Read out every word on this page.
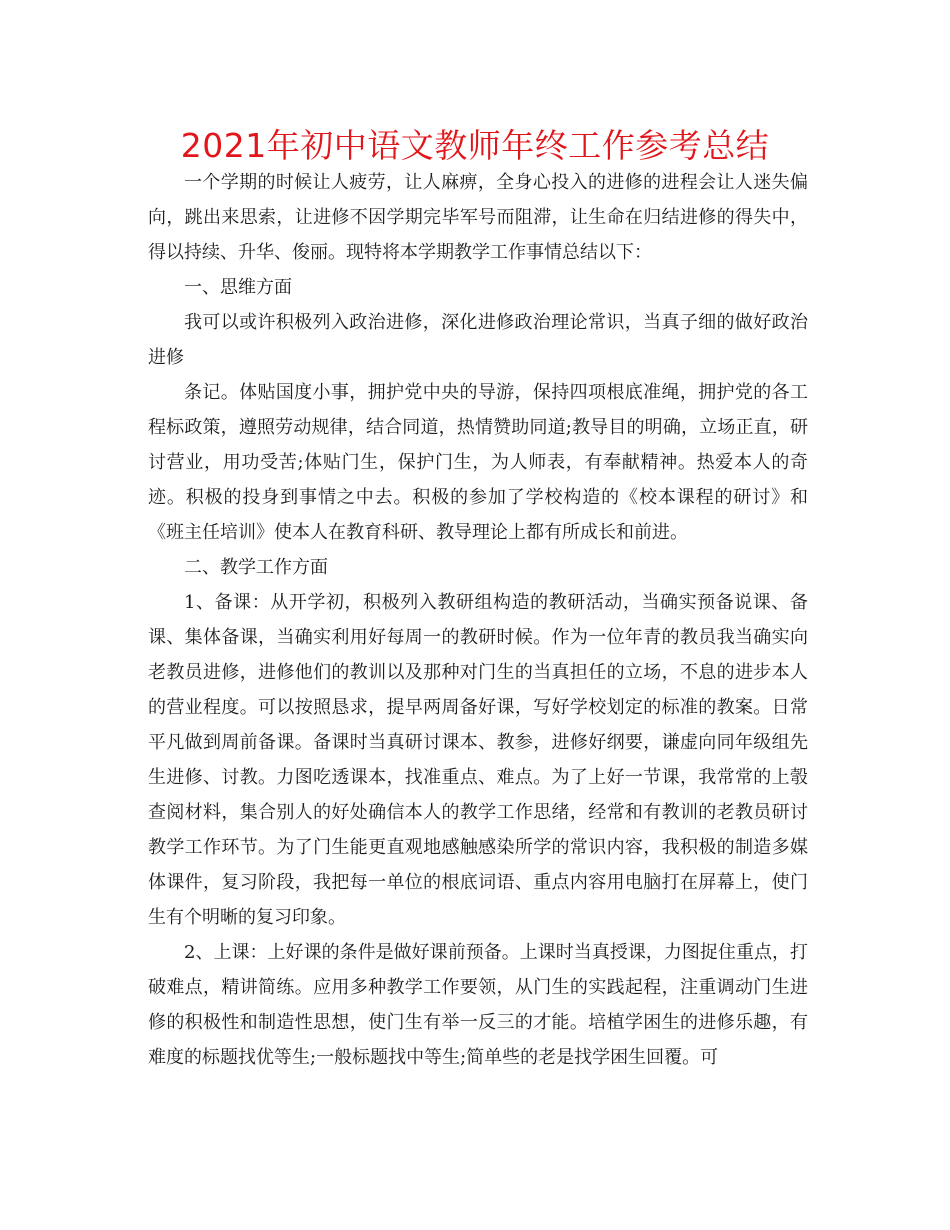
2021年初中语文教师年终工作参考总结

一个学期的时候让人疲劳，让人麻痹，全身心投入的进修的进程会让人迷失偏向，跳出来思索，让进修不因学期完毕军号而阻滞，让生命在归结进修的得失中，得以持续、升华、俊丽。现特将本学期教学工作事情总结以下：

一、思维方面

我可以或许积极列入政治进修，深化进修政治理论常识，当真子细的做好政治进修

条记。体贴国度小事，拥护党中央的导游，保持四项根底准绳，拥护党的各工程标政策，遵照劳动规律，结合同道，热情赞助同道;教导目的明确，立场正直，研讨营业，用功受苦;体贴门生，保护门生，为人师表，有奉献精神。热爱本人的奇迹。积极的投身到事情之中去。积极的参加了学校构造的《校本课程的研讨》和《班主任培训》使本人在教育科研、教导理论上都有所成长和前进。

二、教学工作方面

1、备课：从开学初，积极列入教研组构造的教研活动，当确实预备说课、备课、集体备课，当确实利用好每周一的教研时候。作为一位年青的教员我当确实向老教员进修，进修他们的教训以及那种对门生的当真担任的立场，不息的进步本人的营业程度。可以按照恳求，提早两周备好课，写好学校划定的标准的教案。日常平凡做到周前备课。备课时当真研讨课本、教参，进修好纲要，谦虚向同年级组先生进修、讨教。力图吃透课本，找准重点、难点。为了上好一节课，我常常的上彀查阅材料，集合别人的好处确信本人的教学工作思绪，经常和有教训的老教员研讨教学工作环节。为了门生能更直观地感触感染所学的常识内容，我积极的制造多媒体课件，复习阶段，我把每一单位的根底词语、重点内容用电脑打在屏幕上，使门生有个明晰的复习印象。

2、上课：上好课的条件是做好课前预备。上课时当真授课，力图捉住重点，打破难点，精讲简练。应用多种教学工作要领，从门生的实践起程，注重调动门生进修的积极性和制造性思想，使门生有举一反三的才能。培植学困生的进修乐趣，有难度的标题找优等生;一般标题找中等生;简单些的老是找学困生回覆。可
